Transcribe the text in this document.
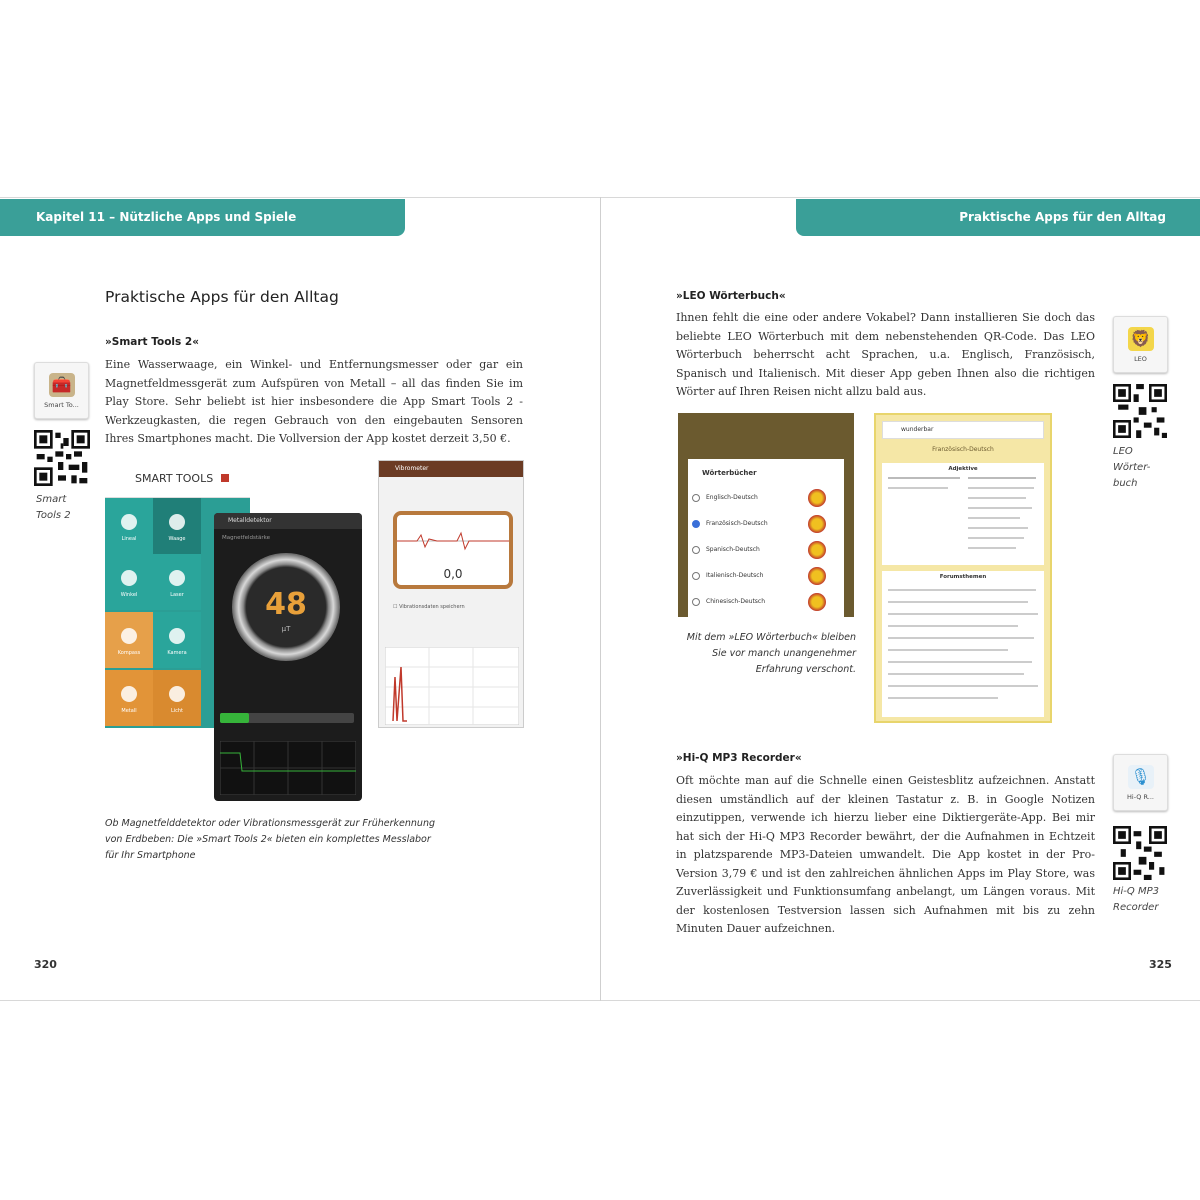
Kapitel 11 – Nützliche Apps und Spiele	Praktische Apps für den Alltag
Praktische Apps für den Alltag
»Smart Tools 2«
Eine Wasserwaage, ein Winkel- und Entfernungsmesser oder gar ein Magnetfeldmessgerät zum Aufspüren von Metall – all das finden Sie im Play Store. Sehr beliebt ist hier insbesondere die App Smart Tools 2 - Werkzeugkasten, die regen Gebrauch von den eingebauten Sensoren Ihres Smartphones macht. Die Vollversion der App kostet derzeit 3,50 €.
🧰
Smart To...
Smart
Tools 2
SMART TOOLS
Lineal	Waage
Winkel	Laser
Kompass	Kamera
Metall	Licht
Metalldetektor
Magnetfeldstärke
48
µT
Vibrometer
0,0
☐ Vibrationsdaten speichern
Ob Magnetfelddetektor oder Vibrationsmessgerät zur Früherkennung von Erdbeben: Die »Smart Tools 2« bieten ein komplettes Messlabor für Ihr Smartphone
320
»LEO Wörterbuch«
Ihnen fehlt die eine oder andere Vokabel? Dann installieren Sie doch das beliebte LEO Wörterbuch mit dem nebenstehenden QR-Code. Das LEO Wörterbuch beherrscht acht Sprachen, u.a. Englisch, Französisch, Spanisch und Italienisch. Mit dieser App geben Ihnen also die richtigen Wörter auf Ihren Reisen nicht allzu bald aus.
🦁
LEO
LEO
Wörter-
buch
Wörterbücher
Englisch-Deutsch
Französisch-Deutsch
Spanisch-Deutsch
Italienisch-Deutsch
Chinesisch-Deutsch
wunderbar
Französisch-Deutsch
Adjektive
Forumsthemen
Mit dem »LEO Wörterbuch« bleiben Sie vor manch unangenehmer Erfahrung verschont.
»Hi-Q MP3 Recorder«
Oft möchte man auf die Schnelle einen Geistesblitz aufzeichnen. Anstatt diesen umständlich auf der kleinen Tastatur z. B. in Google Notizen einzutippen, verwende ich hierzu lieber eine Diktiergeräte-App. Bei mir hat sich der Hi-Q MP3 Recorder bewährt, der die Aufnahmen in Echtzeit in platzsparende MP3-Dateien umwandelt. Die App kostet in der Pro-Version 3,79 € und ist den zahlreichen ähnlichen Apps im Play Store, was Zuverlässigkeit und Funktionsumfang anbelangt, um Längen voraus. Mit der kostenlosen Testversion lassen sich Aufnahmen mit bis zu zehn Minuten Dauer aufzeichnen.
🎙
Hi-Q R...
Hi-Q MP3
Recorder
325
